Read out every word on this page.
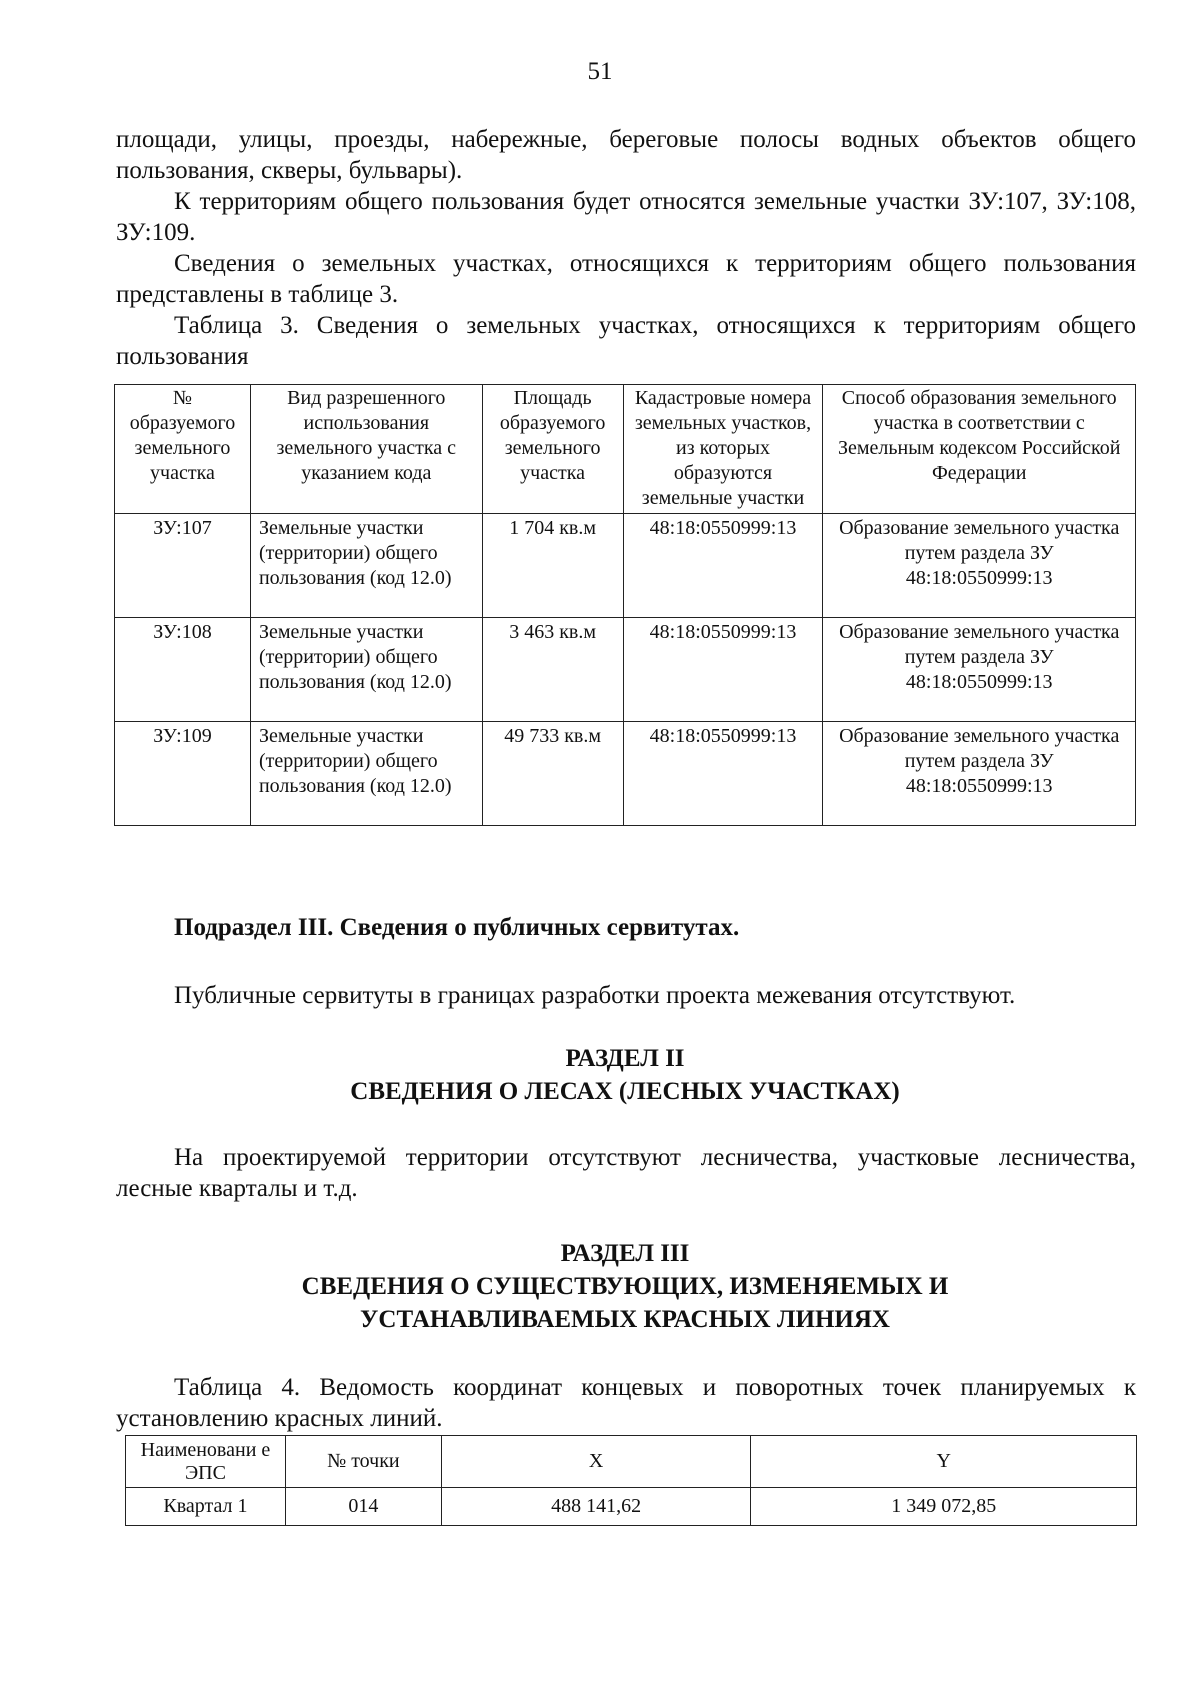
51

площади, улицы, проезды, набережные, береговые полосы водных объектов общего пользования, скверы, бульвары).

К территориям общего пользования будет относятся земельные участки ЗУ:107, ЗУ:108, ЗУ:109.

Сведения о земельных участках, относящихся к территориям общего пользования представлены в таблице 3.

Таблица 3. Сведения о земельных участках, относящихся к территориям общего пользования

№ образуемого земельного участка	Вид разрешенного использования земельного участка с указанием кода	Площадь образуемого земельного участка	Кадастровые номера земельных участков, из которых образуются земельные участки	Способ образования земельного участка в соответствии с Земельным кодексом Российской Федерации
ЗУ:107	Земельные участки (территории) общего пользования (код 12.0)	1 704 кв.м	48:18:0550999:13	Образование земельного участка путем раздела ЗУ 48:18:0550999:13
ЗУ:108	Земельные участки (территории) общего пользования (код 12.0)	3 463 кв.м	48:18:0550999:13	Образование земельного участка путем раздела ЗУ 48:18:0550999:13
ЗУ:109	Земельные участки (территории) общего пользования (код 12.0)	49 733 кв.м	48:18:0550999:13	Образование земельного участка путем раздела ЗУ 48:18:0550999:13
Подраздел III. Сведения о публичных сервитутах.

Публичные сервитуты в границах разработки проекта межевания отсутствуют.

РАЗДЕЛ II
СВЕДЕНИЯ О ЛЕСАХ (ЛЕСНЫХ УЧАСТКАХ)

На проектируемой территории отсутствуют лесничества, участковые лесничества, лесные кварталы и т.д.

РАЗДЕЛ III
СВЕДЕНИЯ О СУЩЕСТВУЮЩИХ, ИЗМЕНЯЕМЫХ И
УСТАНАВЛИВАЕМЫХ КРАСНЫХ ЛИНИЯХ

Таблица 4. Ведомость координат концевых и поворотных точек планируемых к установлению красных линий.

Наименовани е ЭПС	№ точки	X	Y
Квартал 1	014	488 141,62	1 349 072,85
